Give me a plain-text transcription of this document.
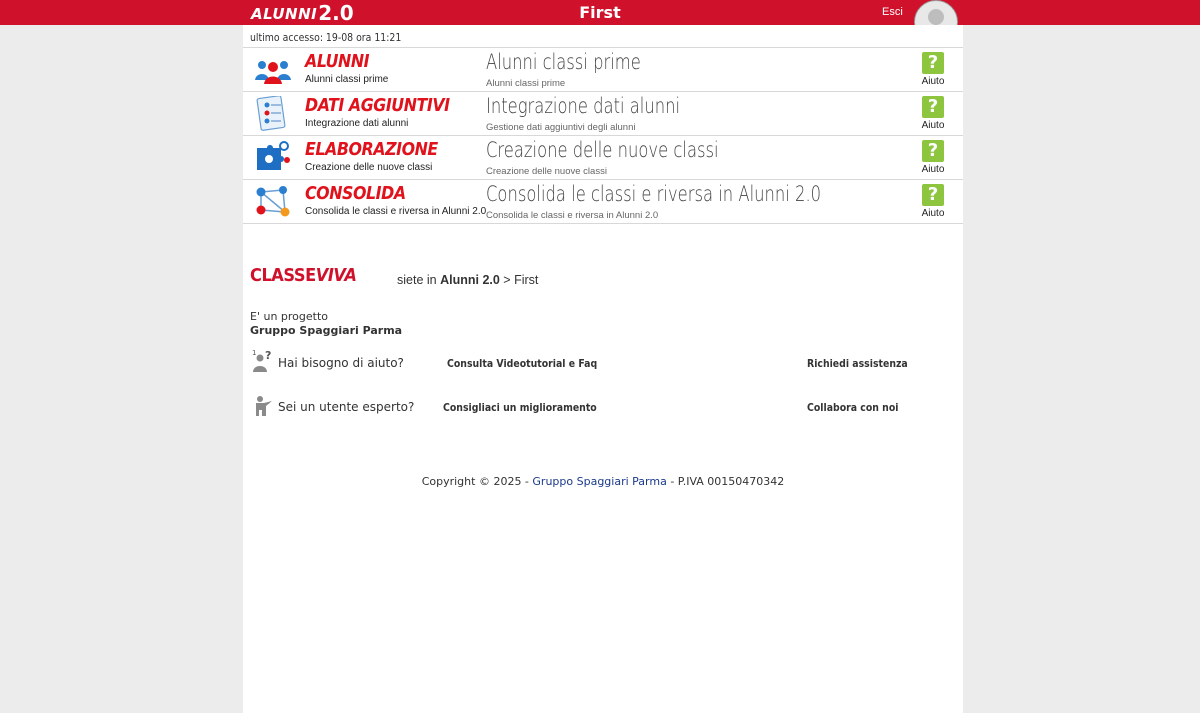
ALUNNI2.0	First	Esci
ultimo accesso: 19-08 ora 11:21
ALUNNI
Alunni classi prime
Alunni classi prime
Alunni classi prime
?
Aiuto
DATI AGGIUNTIVI
Integrazione dati alunni
Integrazione dati alunni
Gestione dati aggiuntivi degli alunni
?
Aiuto
ELABORAZIONE
Creazione delle nuove classi
Creazione delle nuove classi
Creazione delle nuove classi
?
Aiuto
CONSOLIDA
Consolida le classi e riversa in Alunni 2.0
Consolida le classi e riversa in Alunni 2.0
Consolida le classi e riversa in Alunni 2.0
?
Aiuto
CLASSEVIVA	siete in Alunni 2.0 > First
E' un progetto
Gruppo Spaggiari Parma
?
1
Hai bisogno di aiuto?	Consulta Videotutorial e Faq	Richiedi assistenza
Sei un utente esperto?	Consigliaci un miglioramento	Collabora con noi
Copyright © 2025 - Gruppo Spaggiari Parma - P.IVA 00150470342
